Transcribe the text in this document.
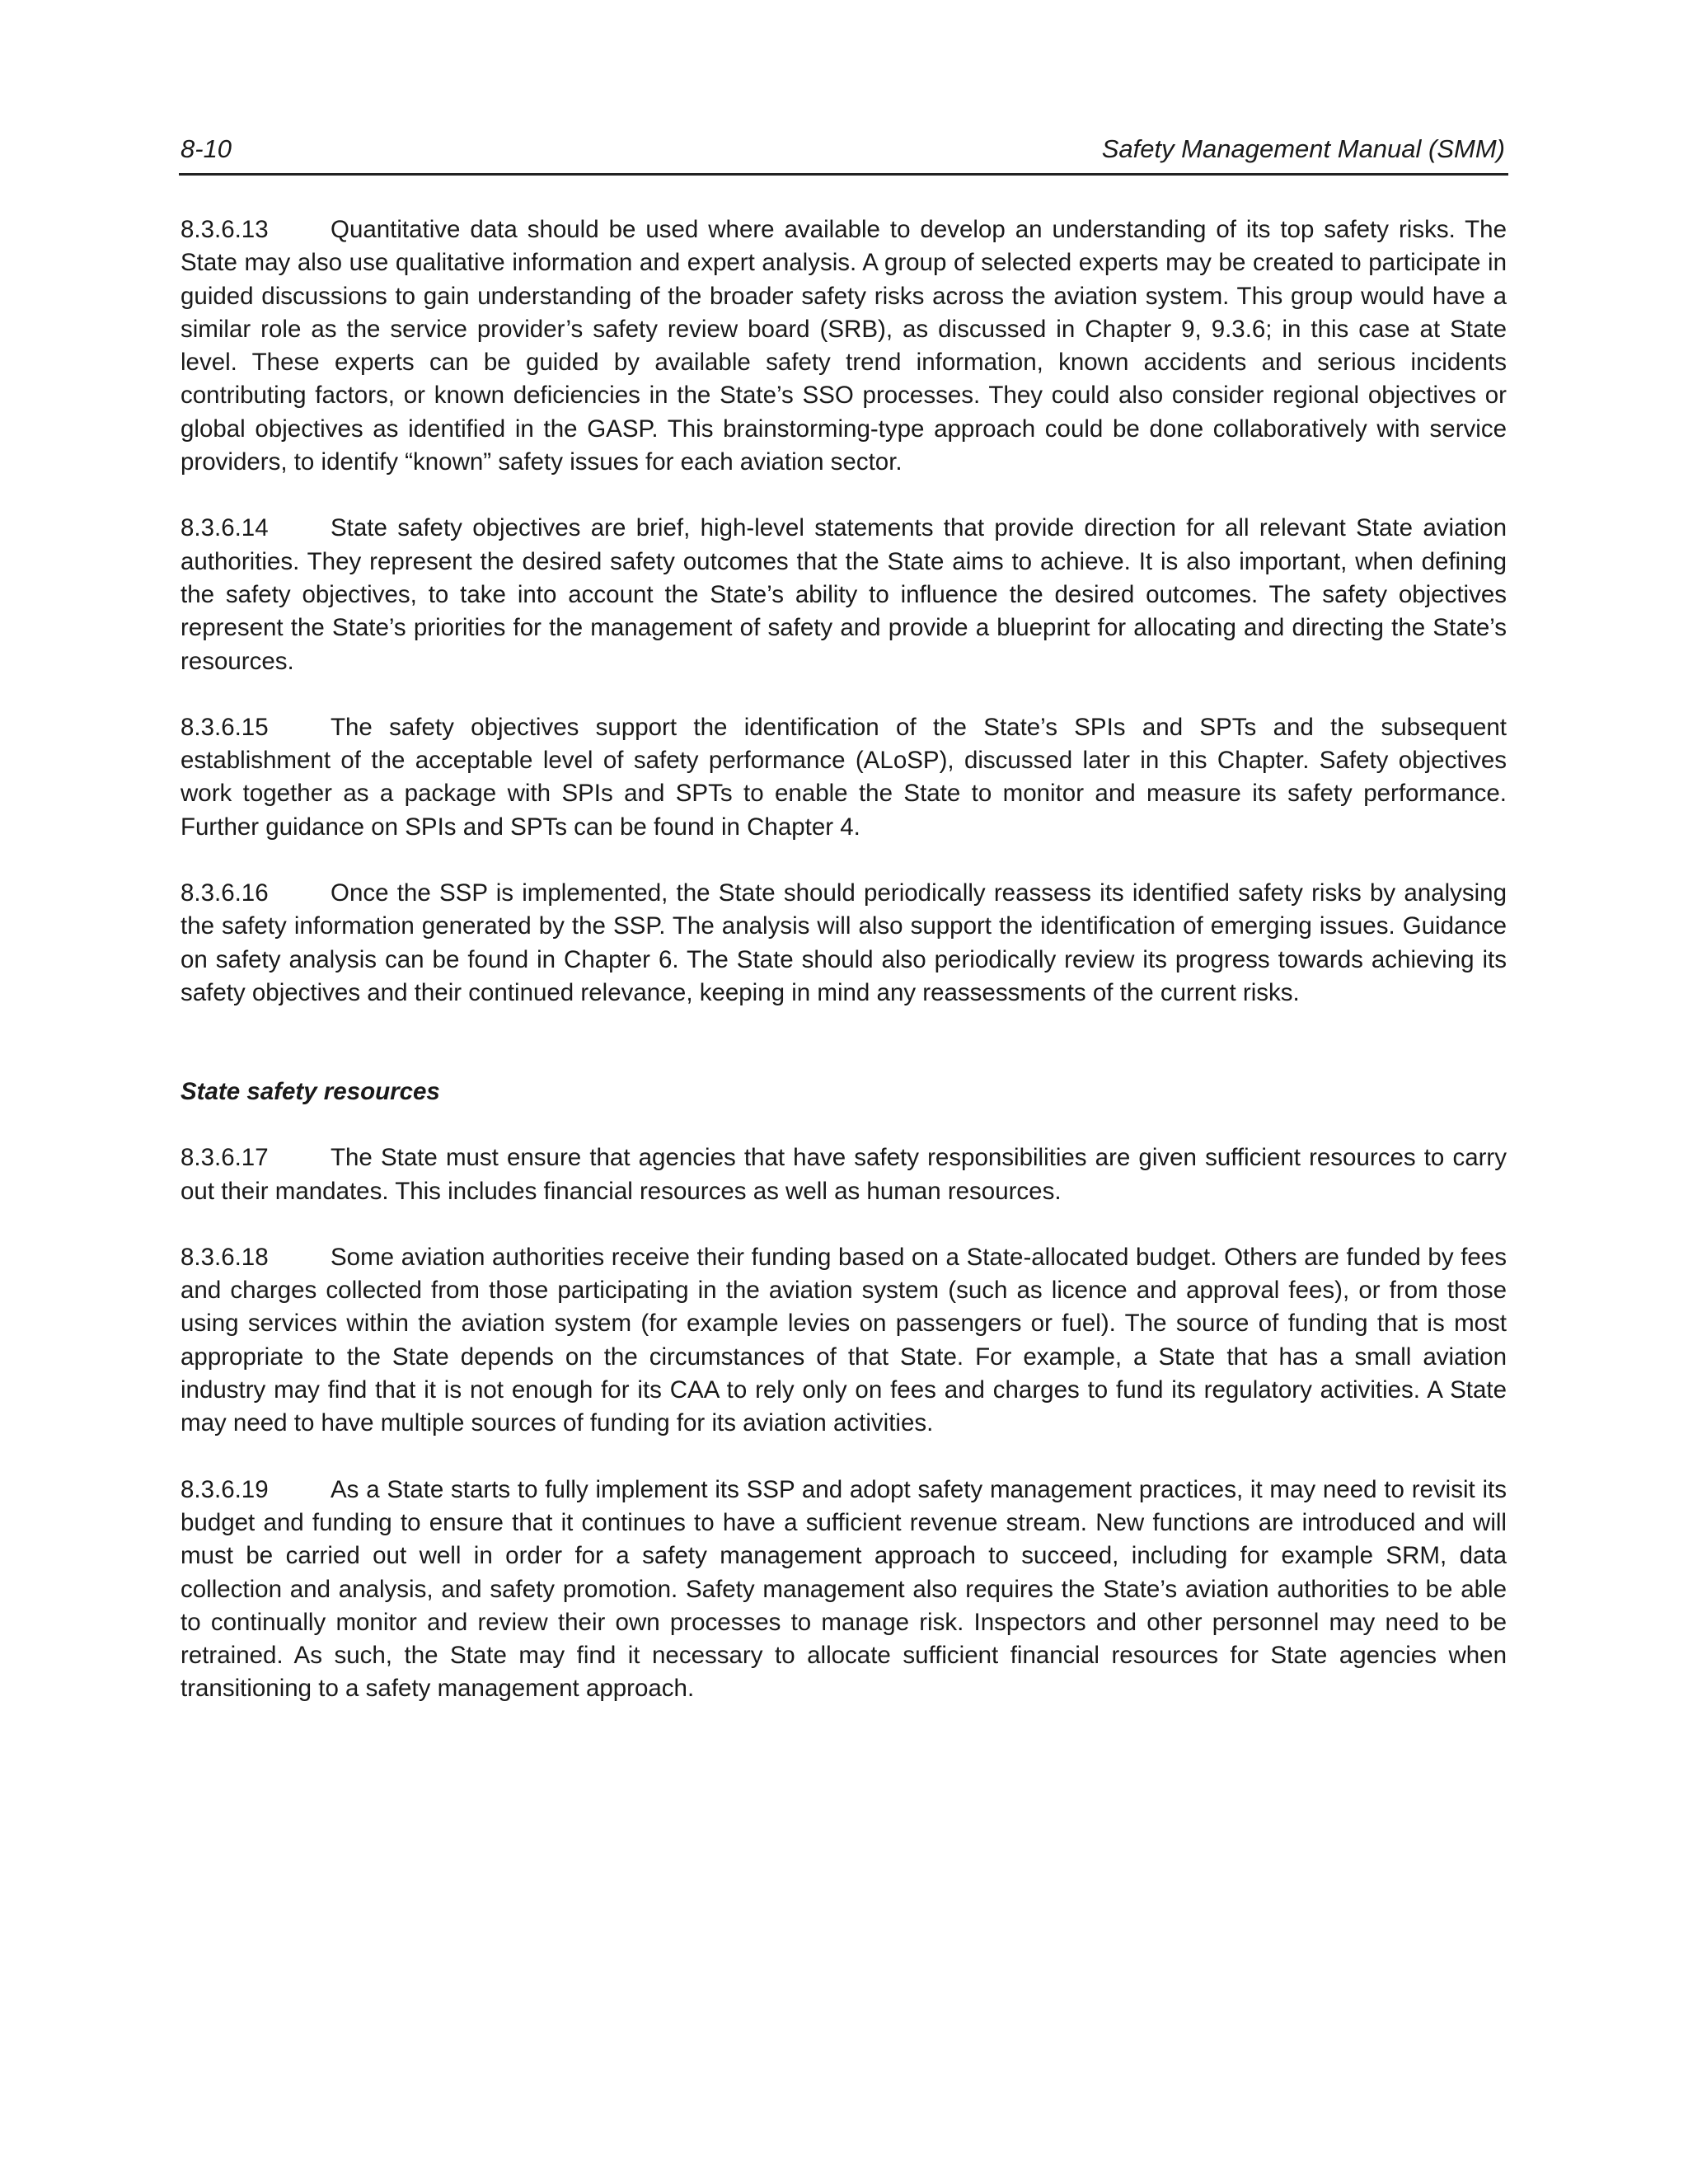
8-10	Safety Management Manual (SMM)

8.3.6.13	Quantitative data should be used where available to develop an understanding of its top safety risks. The State may also use qualitative information and expert analysis. A group of selected experts may be created to participate in guided discussions to gain understanding of the broader safety risks across the aviation system. This group would have a similar role as the service provider’s safety review board (SRB), as discussed in Chapter 9, 9.3.6; in this case at State level. These experts can be guided by available safety trend information, known accidents and serious incidents contributing factors, or known deficiencies in the State’s SSO processes. They could also consider regional objectives or global objectives as identified in the GASP. This brainstorming-type approach could be done collaboratively with service providers, to identify “known” safety issues for each aviation sector.

8.3.6.14	State safety objectives are brief, high-level statements that provide direction for all relevant State aviation authorities. They represent the desired safety outcomes that the State aims to achieve. It is also important, when defining the safety objectives, to take into account the State’s ability to influence the desired outcomes. The safety objectives represent the State’s priorities for the management of safety and provide a blueprint for allocating and directing the State’s resources.

8.3.6.15	The safety objectives support the identification of the State’s SPIs and SPTs and the subsequent establishment of the acceptable level of safety performance (ALoSP), discussed later in this Chapter. Safety objectives work together as a package with SPIs and SPTs to enable the State to monitor and measure its safety performance. Further guidance on SPIs and SPTs can be found in Chapter 4.

8.3.6.16	Once the SSP is implemented, the State should periodically reassess its identified safety risks by analysing the safety information generated by the SSP. The analysis will also support the identification of emerging issues. Guidance on safety analysis can be found in Chapter 6. The State should also periodically review its progress towards achieving its safety objectives and their continued relevance, keeping in mind any reassessments of the current risks.

State safety resources

8.3.6.17	The State must ensure that agencies that have safety responsibilities are given sufficient resources to carry out their mandates. This includes financial resources as well as human resources.

8.3.6.18	Some aviation authorities receive their funding based on a State-allocated budget. Others are funded by fees and charges collected from those participating in the aviation system (such as licence and approval fees), or from those using services within the aviation system (for example levies on passengers or fuel). The source of funding that is most appropriate to the State depends on the circumstances of that State. For example, a State that has a small aviation industry may find that it is not enough for its CAA to rely only on fees and charges to fund its regulatory activities. A State may need to have multiple sources of funding for its aviation activities.

8.3.6.19	As a State starts to fully implement its SSP and adopt safety management practices, it may need to revisit its budget and funding to ensure that it continues to have a sufficient revenue stream. New functions are introduced and will must be carried out well in order for a safety management approach to succeed, including for example SRM, data collection and analysis, and safety promotion. Safety management also requires the State’s aviation authorities to be able to continually monitor and review their own processes to manage risk. Inspectors and other personnel may need to be retrained. As such, the State may find it necessary to allocate sufficient financial resources for State agencies when transitioning to a safety management approach.
